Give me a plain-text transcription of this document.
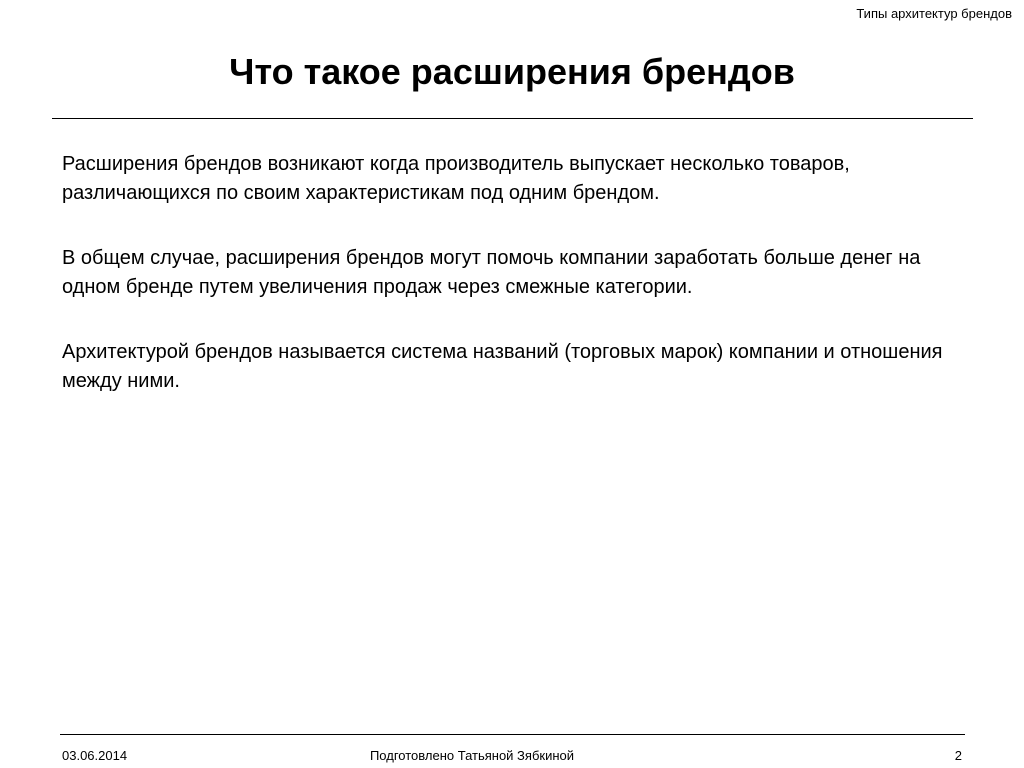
Типы архитектур брендов
Что такое расширения брендов

Расширения брендов возникают когда производитель выпускает несколько товаров, различающихся по своим характеристикам под одним брендом.

В общем случае, расширения брендов могут помочь компании заработать больше денег на одном бренде путем увеличения продаж через смежные категории.

Архитектурой брендов называется система названий (торговых марок) компании и отношения между ними.

03.06.2014	Подготовлено Татьяной Зябкиной	2
